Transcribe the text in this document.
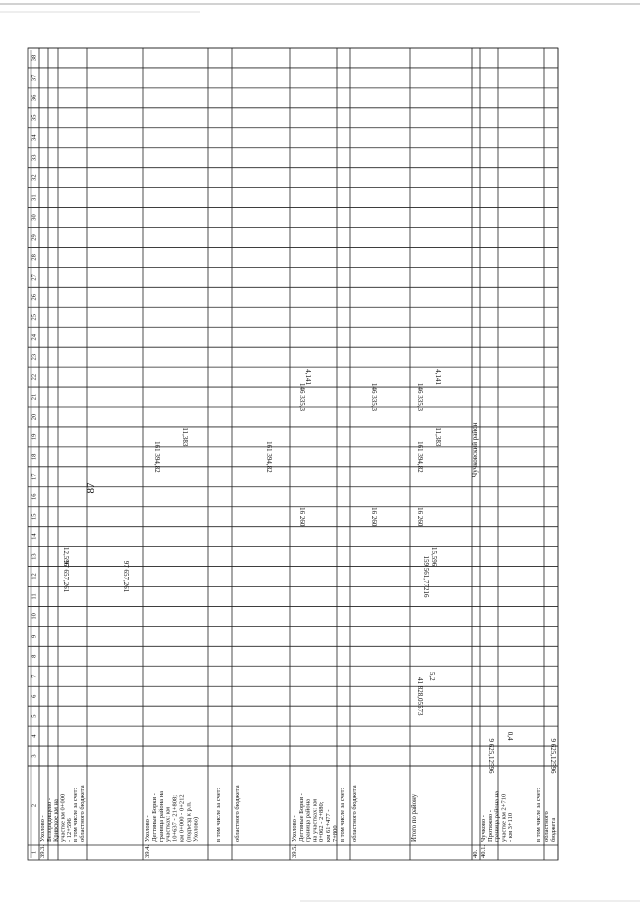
87
1
2
3
4
5
6
7
8
9
10
11
12
13
14
15
16
17
18
19
20
21
22
23
24
25
26
27
28
29
30
31
32
33
34
35
36
37
38
39.3.
Ухолово - Белорядищево - Кривское км на участке км 0+000 - 12+596
в том числе за счет: областного бюджета
39.4.
Ухолово - Дегтяные Борки - граница района на участках: км 10+637 - 21+808; км 0+000 - 0+212 (подъезд к р.п. Ухолово) в том числе за счет: областного бюджета
39.5.
Ухолово - Дегтяные Борки - граница района на участках: км 0+062 - 2+880; км 61+477 - 7+800 в том числе за счет: областного бюджета	Итого по району
40.
Чучковский район
40.1.
Чучково - Протяжно - граница района на участке км 2+710 - км 3+110	в том числе за счет: областного бюджета
97 657,261
12,596
97 657,261
161 394,82
11,383
161 394,82
16 260
146 335,3
4,141
16 260
146 335,3
41 828,05573
5,2
159 561,77216 15,596
16 260
161 394,82
11,383
146 335,3
4,141
9 625,12596
0,4
9 625,12596
